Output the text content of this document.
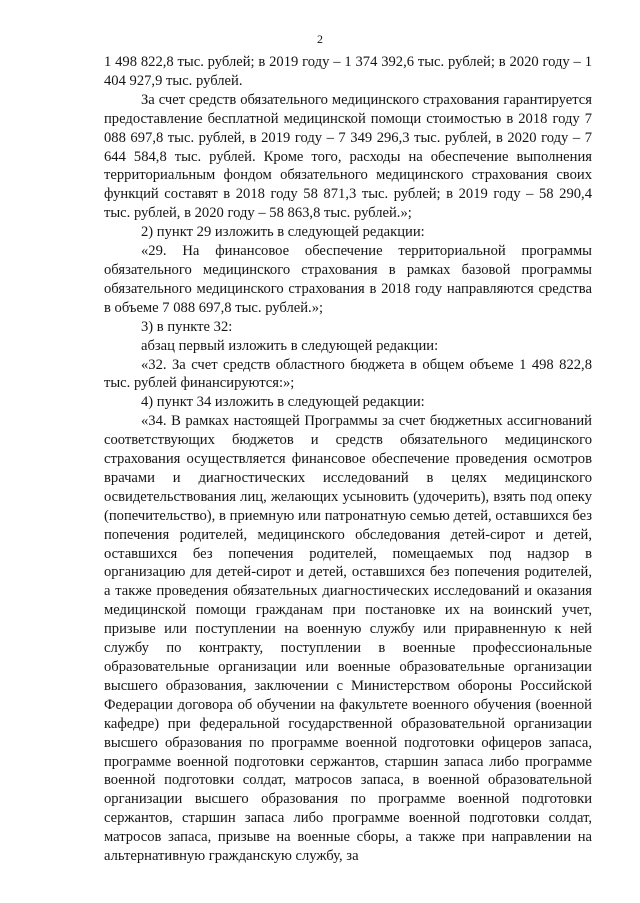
2

1 498 822,8 тыс. рублей; в 2019 году – 1 374 392,6 тыс. рублей; в 2020 году – 1 404 927,9 тыс. рублей.

За счет средств обязательного медицинского страхования гарантируется предоставление бесплатной медицинской помощи стоимостью в 2018 году 7 088 697,8 тыс. рублей, в 2019 году – 7 349 296,3 тыс. рублей, в 2020 году – 7 644 584,8 тыс. рублей. Кроме того, расходы на обеспечение выполнения территориальным фондом обязательного медицинского страхования своих функций составят в 2018 году 58 871,3 тыс. рублей; в 2019 году – 58 290,4 тыс. рублей, в 2020 году – 58 863,8 тыс. рублей.»;

2) пункт 29 изложить в следующей редакции:

«29. На финансовое обеспечение территориальной программы обязательного медицинского страхования в рамках базовой программы обязательного медицинского страхования в 2018 году направляются средства в объеме 7 088 697,8 тыс. рублей.»;

3) в пункте 32:

абзац первый изложить в следующей редакции:

«32. За счет средств областного бюджета в общем объеме 1 498 822,8 тыс. рублей финансируются:»;

4) пункт 34 изложить в следующей редакции:

«34. В рамках настоящей Программы за счет бюджетных ассигнований соответствующих бюджетов и средств обязательного медицинского страхования осуществляется финансовое обеспечение проведения осмотров врачами и диагностических исследований в целях медицинского освидетельствования лиц, желающих усыновить (удочерить), взять под опеку (попечительство), в приемную или патронатную семью детей, оставшихся без попечения родителей, медицинского обследования детей-сирот и детей, оставшихся без попечения родителей, помещаемых под надзор в организацию для детей-сирот и детей, оставшихся без попечения родителей, а также проведения обязательных диагностических исследований и оказания медицинской помощи гражданам при постановке их на воинский учет, призыве или поступлении на военную службу или приравненную к ней службу по контракту, поступлении в военные профессиональные образовательные организации или военные образовательные организации высшего образования, заключении с Министерством обороны Российской Федерации договора об обучении на факультете военного обучения (военной кафедре) при федеральной государственной образовательной организации высшего образования по программе военной подготовки офицеров запаса, программе военной подготовки сержантов, старшин запаса либо программе военной подготовки солдат, матросов запаса, в военной образовательной организации высшего образования по программе военной подготовки сержантов, старшин запаса либо программе военной подготовки солдат, матросов запаса, призыве на военные сборы, а также при направлении на альтернативную гражданскую службу, за
